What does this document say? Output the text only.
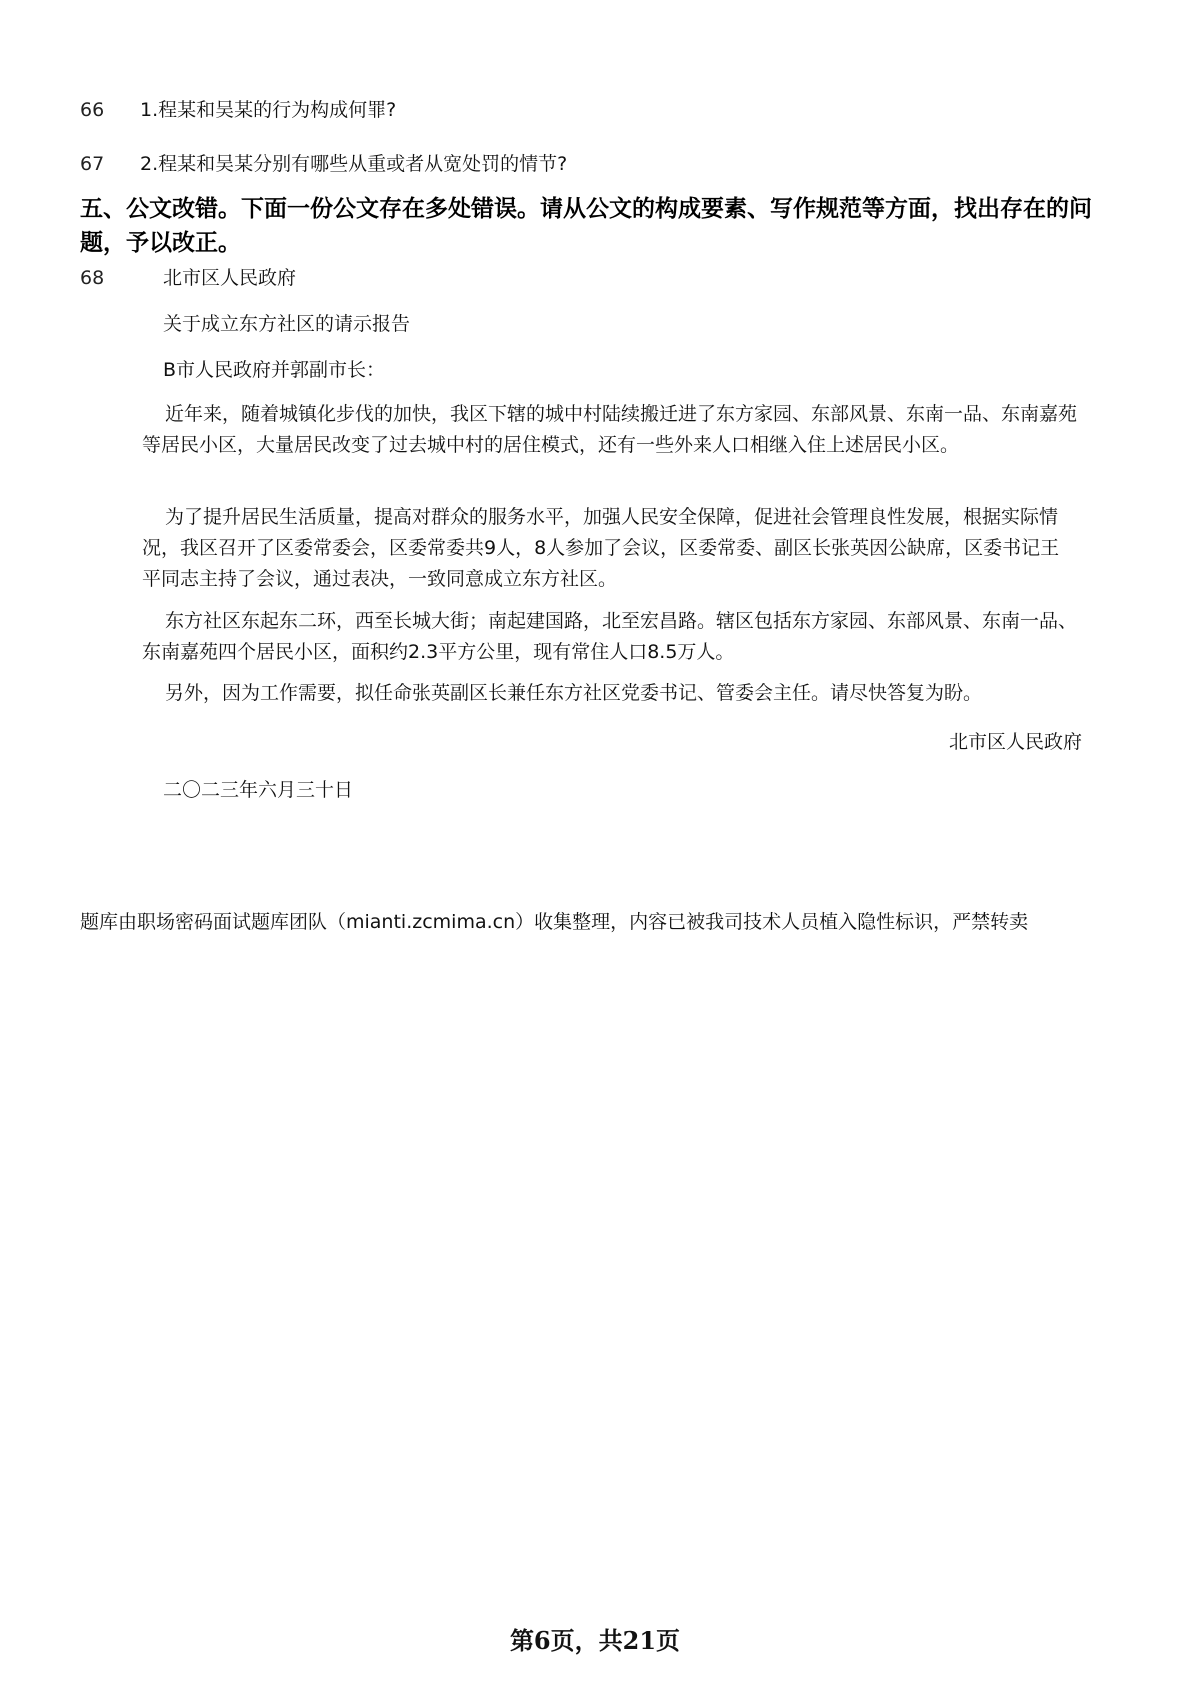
66 1.程某和吴某的行为构成何罪?
67 2.程某和吴某分别有哪些从重或者从宽处罚的情节?
五、公文改错。下面一份公文存在多处错误。请从公文的构成要素、写作规范等方面，找出存在的问题，予以改正。
68	北市区人民政府
关于成立东方社区的请示报告
B市人民政府并郭副市长：
近年来，随着城镇化步伐的加快，我区下辖的城中村陆续搬迁进了东方家园、东部风景、东南一品、东南嘉苑等居民小区，大量居民改变了过去城中村的居住模式，还有一些外来人口相继入住上述居民小区。
为了提升居民生活质量，提高对群众的服务水平，加强人民安全保障，促进社会管理良性发展，根据实际情况，我区召开了区委常委会，区委常委共9人，8人参加了会议，区委常委、副区长张英因公缺席，区委书记王平同志主持了会议，通过表决，一致同意成立东方社区。
东方社区东起东二环，西至长城大街；南起建国路，北至宏昌路。辖区包括东方家园、东部风景、东南一品、东南嘉苑四个居民小区，面积约2.3平方公里，现有常住人口8.5万人。
另外，因为工作需要，拟任命张英副区长兼任东方社区党委书记、管委会主任。请尽快答复为盼。
北市区人民政府
二〇二三年六月三十日
题库由职场密码面试题库团队（mianti.zcmima.cn）收集整理，内容已被我司技术人员植入隐性标识，严禁转卖
第6页，共21页
